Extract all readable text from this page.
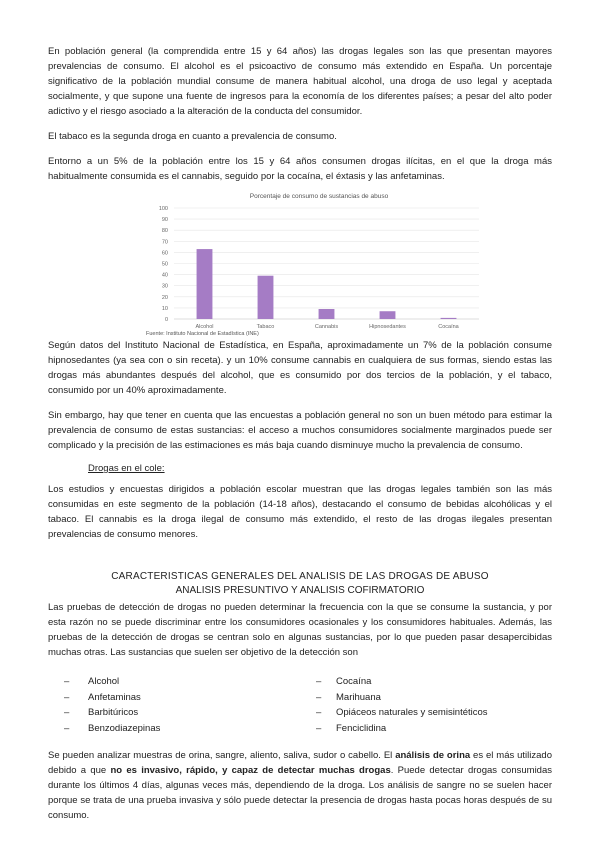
En población general (la comprendida entre 15 y 64 años) las drogas legales son las que presentan mayores prevalencias de consumo. El alcohol es el psicoactivo de consumo más extendido en España. Un porcentaje significativo de la población mundial consume de manera habitual alcohol, una droga de uso legal y aceptada socialmente, y que supone una fuente de ingresos para la economía de los diferentes países; a pesar del alto poder adictivo y el riesgo asociado a la alteración de la conducta del consumidor.

El tabaco es la segunda droga en cuanto a prevalencia de consumo.

Entorno a un 5% de la población entre los 15 y 64 años consumen drogas ilícitas, en el que la droga más habitualmente consumida es el cannabis, seguido por la cocaína, el éxtasis y las anfetaminas.

Porcentaje de consumo de sustancias de abuso
0
10
20
30
40
50
60
70
80
90
100
Alcohol	Tabaco	Cannabis	Hipnosedantes	Cocaína
Fuente: Instituto Nacional de Estadística (INE)

Según datos del Instituto Nacional de Estadística, en España, aproximadamente un 7% de la población consume hipnosedantes (ya sea con o sin receta). y un 10% consume cannabis en cualquiera de sus formas, siendo estas las drogas más abundantes después del alcohol, que es consumido por dos tercios de la población, y el tabaco, consumido por un 40% aproximadamente.

Sin embargo, hay que tener en cuenta que las encuestas a población general no son un buen método para estimar la prevalencia de consumo de estas sustancias: el acceso a muchos consumidores socialmente marginados puede ser complicado y la precisión de las estimaciones es más baja cuando disminuye mucho la prevalencia de consumo.

Drogas en el cole:

Los estudios y encuestas dirigidos a población escolar muestran que las drogas legales también son las más consumidas en este segmento de la población (14-18 años), destacando el consumo de bebidas alcohólicas y el tabaco. El cannabis es la droga ilegal de consumo más extendido, el resto de las drogas ilegales presentan prevalencias de consumo menores.

CARACTERISTICAS GENERALES DEL ANALISIS DE LAS DROGAS DE ABUSO
ANALISIS PRESUNTIVO Y ANALISIS COFIRMATORIO

Las pruebas de detección de drogas no pueden determinar la frecuencia con la que se consume la sustancia, y por esta razón no se puede discriminar entre los consumidores ocasionales y los consumidores habituales. Además, las pruebas de la detección de drogas se centran solo en algunas sustancias, por lo que pueden pasar desapercibidas muchas otras. Las sustancias que suelen ser objetivo de la detección son

–	Alcohol
–	Anfetaminas
–	Barbitúricos
–	Benzodiazepinas
–	Cocaína
–	Marihuana
–	Opiáceos naturales y semisintéticos
–	Fenciclidina

Se pueden analizar muestras de orina, sangre, aliento, saliva, sudor o cabello. El análisis de orina es el más utilizado debido a que no es invasivo, rápido, y capaz de detectar muchas drogas. Puede detectar drogas consumidas durante los últimos 4 días, algunas veces más, dependiendo de la droga. Los análisis de sangre no se suelen hacer porque se trata de una prueba invasiva y sólo puede detectar la presencia de drogas hasta pocas horas después de su consumo.
